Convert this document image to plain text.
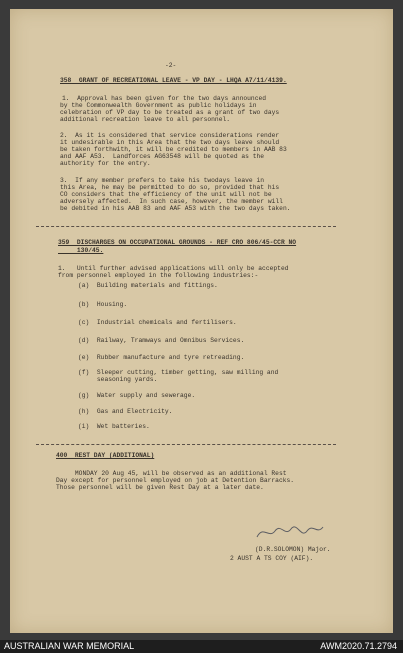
-2-
358  GRANT OF RECREATIONAL LEAVE - VP DAY - LHQA A7/11/4139.
1.  Approval has been given for the two days announced
by the Commonwealth Government as public holidays in
celebration of VP day to be treated as a grant of two days
additional recreation leave to all personnel.
2.  As it is considered that service considerations render
it undesirable in this Area that the two days leave should
be taken forthwith, it will be credited to members in AAB 83
and AAF A53.  Landforces AG63548 will be quoted as the
authority for the entry.
3.  If any member prefers to take his twodays leave in
this Area, he may be permitted to do so, provided that his
CO considers that the efficiency of the unit will not be
adversely affected.  In such case, however, the member will
be debited in his AAB 83 and AAF A53 with the two days taken.
359  DISCHARGES ON OCCUPATIONAL GROUNDS - REF CRO 806/45-CCR NO
130/45.
1.   Until further advised applications will only be accepted
from personnel employed in the following industries:-
(a)  Building materials and fittings.
(b)  Housing.
(c)  Industrial chemicals and fertilisers.
(d)  Railway, Tramways and Omnibus Services.
(e)  Rubber manufacture and tyre retreading.
(f)  Sleeper cutting, timber getting, saw milling and
seasoning yards.
(g)  Water supply and sewerage.
(h)  Gas and Electricity.
(i)  Wet batteries.
400  REST DAY (ADDITIONAL)
MONDAY 20 Aug 45, will be observed as an additional Rest
Day except for personnel employed on job at Detention Barracks.
Those personnel will be given Rest Day at a later date.
(D.R.SOLOMON) Major.
2 AUST A TS COY (AIF).
AUSTRALIAN WAR MEMORIAL	AWM2020.71.2794
